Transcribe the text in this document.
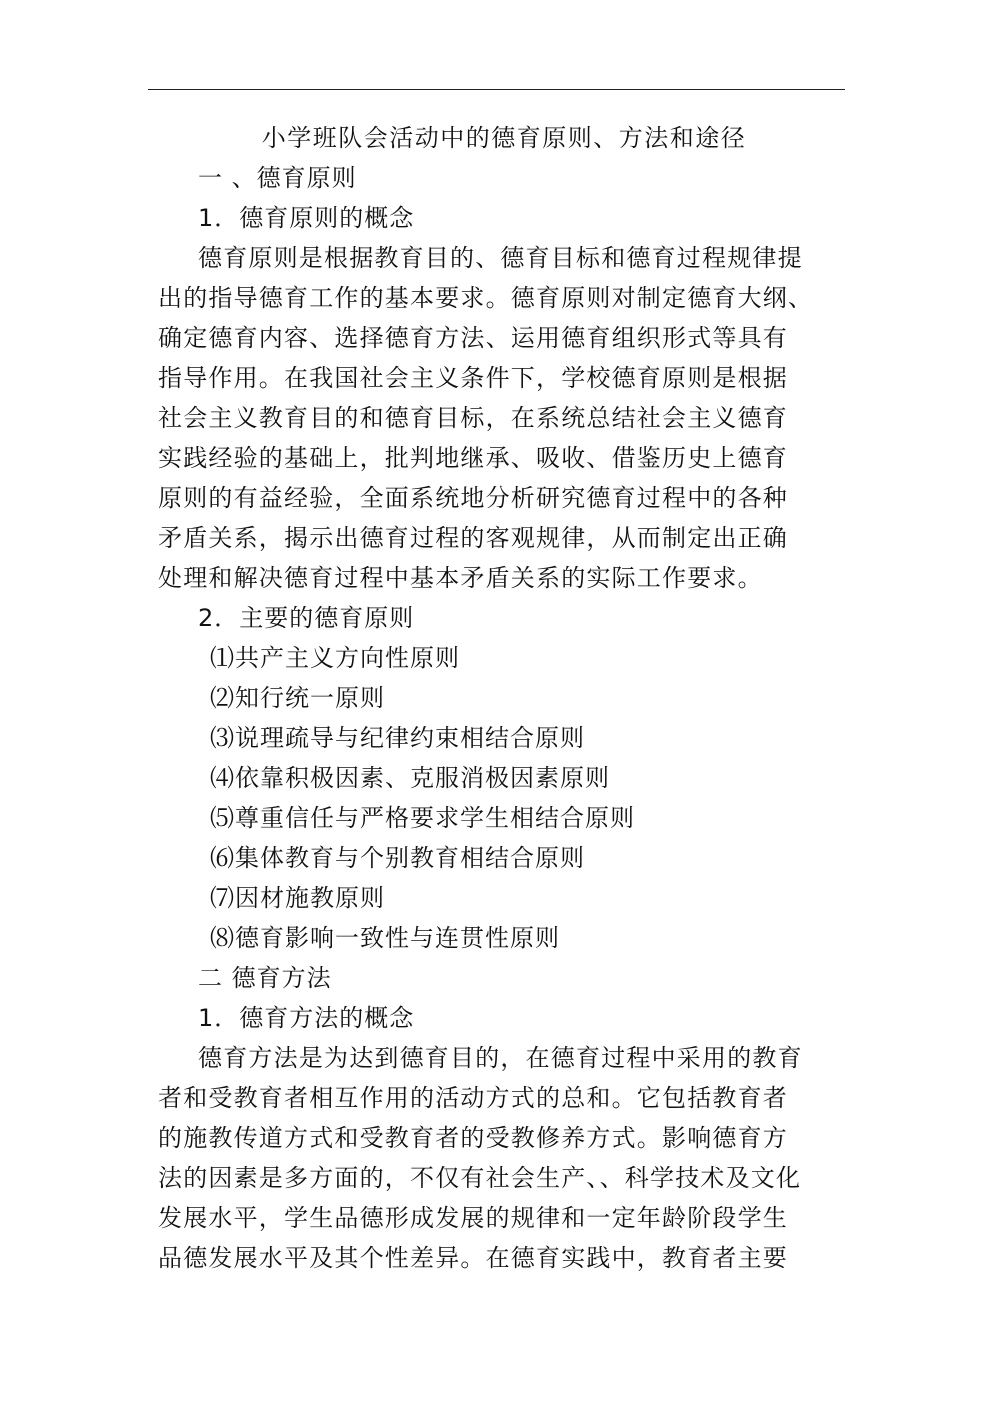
小学班队会活动中的德育原则、方法和途径
一 、德育原则
1．德育原则的概念
德育原则是根据教育目的、德育目标和德育过程规律提
出的指导德育工作的基本要求。德育原则对制定德育大纲、
确定德育内容、选择德育方法、运用德育组织形式等具有
指导作用。在我国社会主义条件下，学校德育原则是根据
社会主义教育目的和德育目标，在系统总结社会主义德育
实践经验的基础上，批判地继承、吸收、借鉴历史上德育
原则的有益经验，全面系统地分析研究德育过程中的各种
矛盾关系，揭示出德育过程的客观规律，从而制定出正确
处理和解决德育过程中基本矛盾关系的实际工作要求。
2．主要的德育原则
⑴共产主义方向性原则
⑵知行统一原则
⑶说理疏导与纪律约束相结合原则
⑷依靠积极因素、克服消极因素原则
⑸尊重信任与严格要求学生相结合原则
⑹集体教育与个别教育相结合原则
⑺因材施教原则
⑻德育影响一致性与连贯性原则
二 德育方法
1．德育方法的概念
德育方法是为达到德育目的，在德育过程中采用的教育
者和受教育者相互作用的活动方式的总和。它包括教育者
的施教传道方式和受教育者的受教修养方式。影响德育方
法的因素是多方面的，不仅有社会生产、、科学技术及文化
发展水平，学生品德形成发展的规律和一定年龄阶段学生
品德发展水平及其个性差异。在德育实践中，教育者主要
